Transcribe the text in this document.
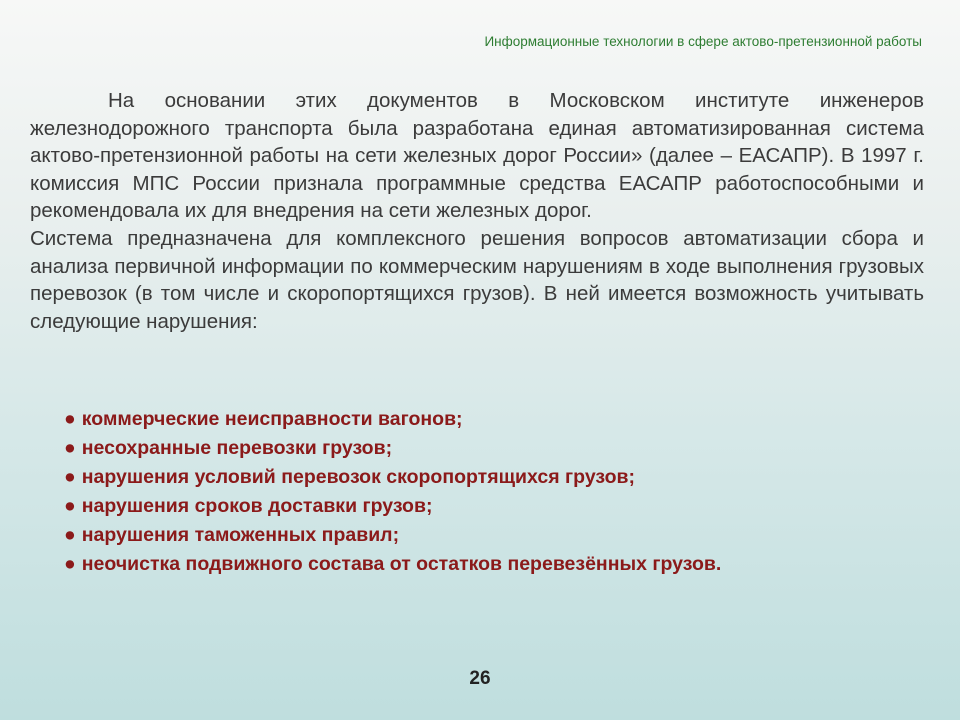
Информационные технологии в сфере актово-претензионной работы

На основании этих документов в Московском институте инженеров железнодорожного транспорта была разработана единая автоматизированная система актово-претензионной работы на сети железных дорог России» (далее – ЕАСАПР). В 1997 г. комиссия МПС России признала программные средства ЕАСАПР работоспособными и рекомендовала их для внедрения на сети железных дорог.

Система предназначена для комплексного решения вопросов автоматизации сбора и анализа первичной информации по коммерческим нарушениям в ходе выполнения грузовых перевозок (в том числе и скоропортящихся грузов). В ней имеется возможность учитывать следующие нарушения:

● коммерческие неисправности вагонов;
● несохранные перевозки грузов;
● нарушения условий перевозок скоропортящихся грузов;
● нарушения сроков доставки грузов;
● нарушения таможенных правил;
● неочистка подвижного состава от остатков перевезённых грузов.
26
